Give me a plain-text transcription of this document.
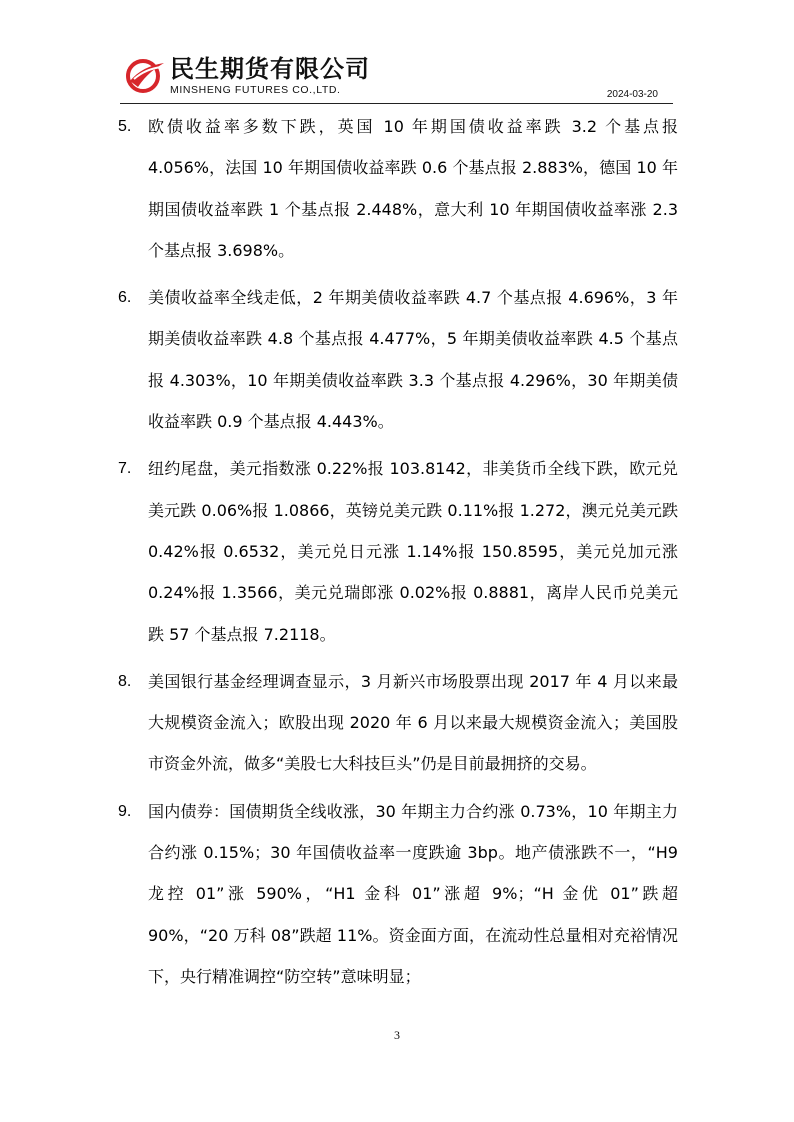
民生期货有限公司
MINSHENG FUTURES CO.,LTD.	2024-03-20
5. 欧债收益率多数下跌，英国 10 年期国债收益率跌 3.2 个基点报 4.056%，法国 10 年期国债收益率跌 0.6 个基点报 2.883%，德国 10 年期国债收益率跌 1 个基点报 2.448%，意大利 10 年期国债收益率涨 2.3 个基点报 3.698%。
6. 美债收益率全线走低，2 年期美债收益率跌 4.7 个基点报 4.696%，3 年期美债收益率跌 4.8 个基点报 4.477%，5 年期美债收益率跌 4.5 个基点报 4.303%，10 年期美债收益率跌 3.3 个基点报 4.296%，30 年期美债收益率跌 0.9 个基点报 4.443%。
7. 纽约尾盘，美元指数涨 0.22%报 103.8142，非美货币全线下跌，欧元兑美元跌 0.06%报 1.0866，英镑兑美元跌 0.11%报 1.272，澳元兑美元跌 0.42%报 0.6532，美元兑日元涨 1.14%报 150.8595，美元兑加元涨 0.24%报 1.3566，美元兑瑞郎涨 0.02%报 0.8881，离岸人民币兑美元跌 57 个基点报 7.2118。
8. 美国银行基金经理调查显示，3 月新兴市场股票出现 2017 年 4 月以来最大规模资金流入；欧股出现 2020 年 6 月以来最大规模资金流入；美国股市资金外流，做多“美股七大科技巨头”仍是目前最拥挤的交易。
9. 国内债券：国债期货全线收涨，30 年期主力合约涨 0.73%，10 年期主力合约涨 0.15%；30 年国债收益率一度跌逾 3bp。地产债涨跌不一，“H9 龙控 01”涨 590%，“H1 金科 01”涨超 9%；“H 金优 01”跌超 90%，“20 万科 08”跌超 11%。资金面方面，在流动性总量相对充裕情况下，央行精准调控“防空转”意味明显；
3
